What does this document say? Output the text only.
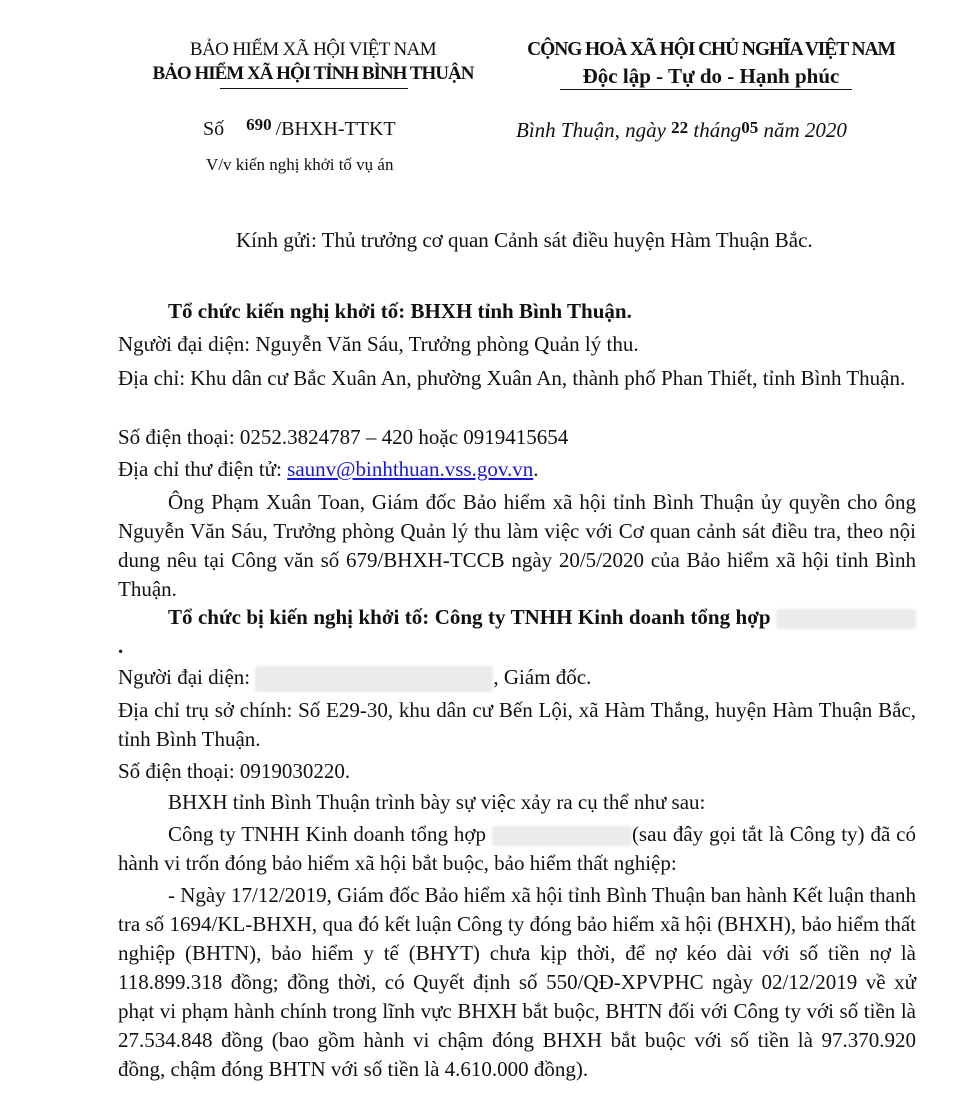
BẢO HIỂM XÃ HỘI VIỆT NAM
BẢO HIỂM XÃ HỘI TỈNH BÌNH THUẬN
CỘNG HOÀ XÃ HỘI CHỦ NGHĨA VIỆT NAM
Độc lập - Tự do - Hạnh phúc
Số $^{690}$ /BHXH-TTKT
V/v kiến nghị khởi tố vụ án
Bình Thuận, ngày 22 tháng05 năm 2020
Kính gửi: Thủ trưởng cơ quan Cảnh sát điều huyện Hàm Thuận Bắc.
Tổ chức kiến nghị khởi tố: BHXH tỉnh Bình Thuận.
Người đại diện: Nguyễn Văn Sáu, Trưởng phòng Quản lý thu.
Địa chỉ: Khu dân cư Bắc Xuân An, phường Xuân An, thành phố Phan Thiết, tỉnh Bình Thuận.
Số điện thoại: 0252.3824787 – 420 hoặc 0919415654
Địa chỉ thư điện tử: saunv@binhthuan.vss.gov.vn.
Ông Phạm Xuân Toan, Giám đốc Bảo hiểm xã hội tỉnh Bình Thuận ủy quyền cho ông Nguyễn Văn Sáu, Trưởng phòng Quản lý thu làm việc với Cơ quan cảnh sát điều tra, theo nội dung nêu tại Công văn số 679/BHXH-TCCB ngày 20/5/2020 của Bảo hiểm xã hội tỉnh Bình Thuận.
Tổ chức bị kiến nghị khởi tố: Công ty TNHH Kinh doanh tổng hợp .
Người đại diện:	, Giám đốc.
Địa chỉ trụ sở chính: Số E29-30, khu dân cư Bến Lội, xã Hàm Thắng, huyện Hàm Thuận Bắc, tỉnh Bình Thuận.
Số điện thoại: 0919030220.
BHXH tỉnh Bình Thuận trình bày sự việc xảy ra cụ thể như sau:
Công ty TNHH Kinh doanh tổng hợp	(sau đây gọi tắt là Công ty) đã có hành vi trốn đóng bảo hiểm xã hội bắt buộc, bảo hiểm thất nghiệp:
- Ngày 17/12/2019, Giám đốc Bảo hiểm xã hội tỉnh Bình Thuận ban hành Kết luận thanh tra số 1694/KL-BHXH, qua đó kết luận Công ty đóng bảo hiểm xã hội (BHXH), bảo hiểm thất nghiệp (BHTN), bảo hiểm y tế (BHYT) chưa kịp thời, để nợ kéo dài với số tiền nợ là 118.899.318 đồng; đồng thời, có Quyết định số 550/QĐ-XPVPHC ngày 02/12/2019 về xử phạt vi phạm hành chính trong lĩnh vực BHXH bắt buộc, BHTN đối với Công ty với số tiền là 27.534.848 đồng (bao gồm hành vi chậm đóng BHXH bắt buộc với số tiền là 97.370.920 đồng, chậm đóng BHTN với số tiền là 4.610.000 đồng).
